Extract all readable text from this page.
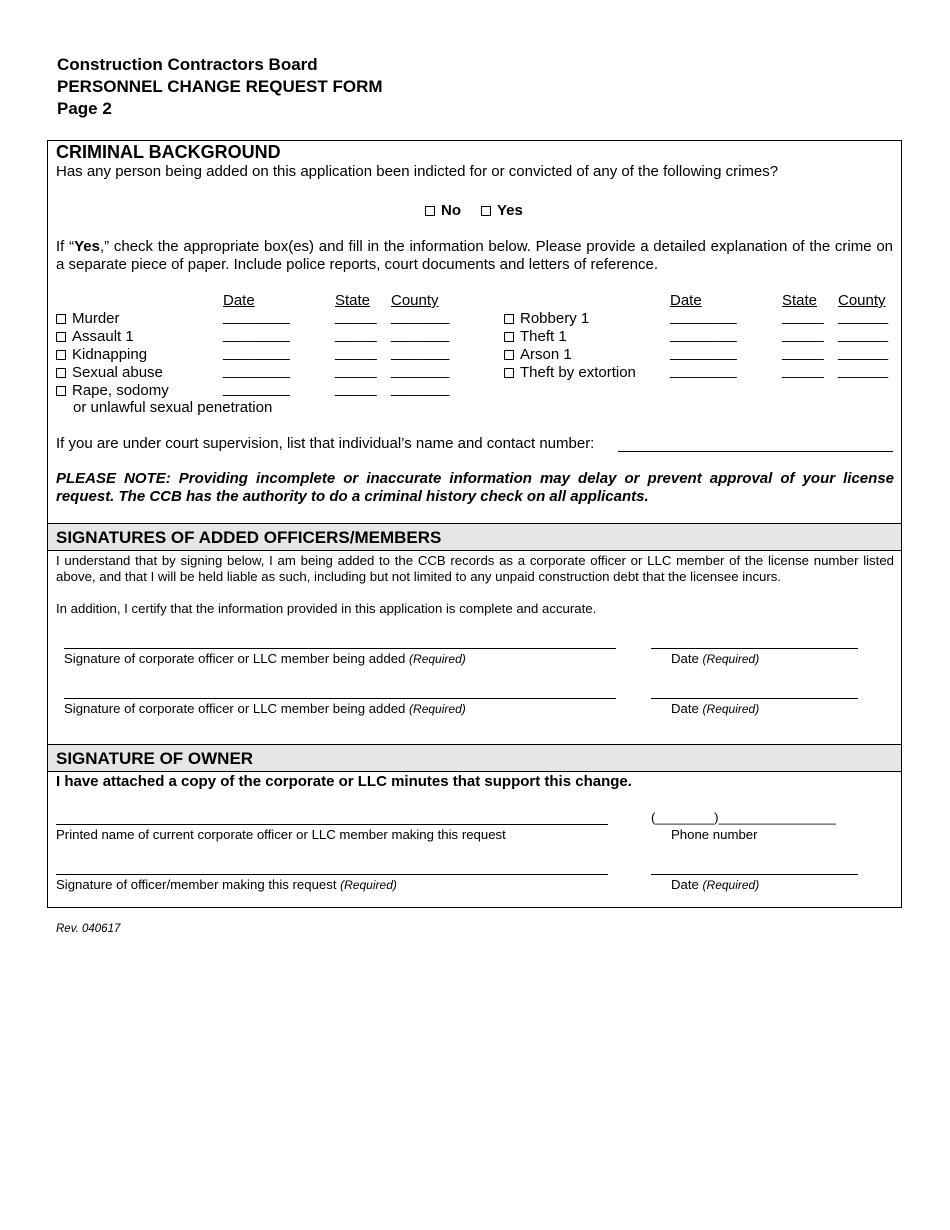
Construction Contractors Board
PERSONNEL CHANGE REQUEST FORM
Page 2
CRIMINAL BACKGROUND
Has any person being added on this application been indicted for or convicted of any of the following crimes?
No	Yes
If “Yes,” check the appropriate box(es) and fill in the information below. Please provide a detailed explanation of the crime on a separate piece of paper. Include police reports, court documents and letters of reference.
Date	State County	Date	State County
Murder	________	_____ _______
Assault 1	________	_____ _______
Kidnapping	________	_____ _______
Sexual abuse	________	_____ _______
Rape, sodomy	________	_____ _______
or unlawful sexual penetration
Robbery 1	________	_____ ______
Theft 1	________	_____ ______
Arson 1	________	_____ ______
Theft by extortion ________	_____ ______
If you are under court supervision, list that individual’s name and contact number:
PLEASE NOTE: Providing incomplete or inaccurate information may delay or prevent approval of your license request. The CCB has the authority to do a criminal history check on all applicants.
SIGNATURES OF ADDED OFFICERS/MEMBERS
I understand that by signing below, I am being added to the CCB records as a corporate officer or LLC member of the license number listed above, and that I will be held liable as such, including but not limited to any unpaid construction debt that the licensee incurs.
In addition, I certify that the information provided in this application is complete and accurate.
Signature of corporate officer or LLC member being added (Required)	Date (Required)
Signature of corporate officer or LLC member being added (Required)	Date (Required)
SIGNATURE OF OWNER
I have attached a copy of the corporate or LLC minutes that support this change.
Printed name of current corporate officer or LLC member making this request
(________)________________
Phone number
Signature of officer/member making this request (Required)	Date (Required)
Rev. 040617
